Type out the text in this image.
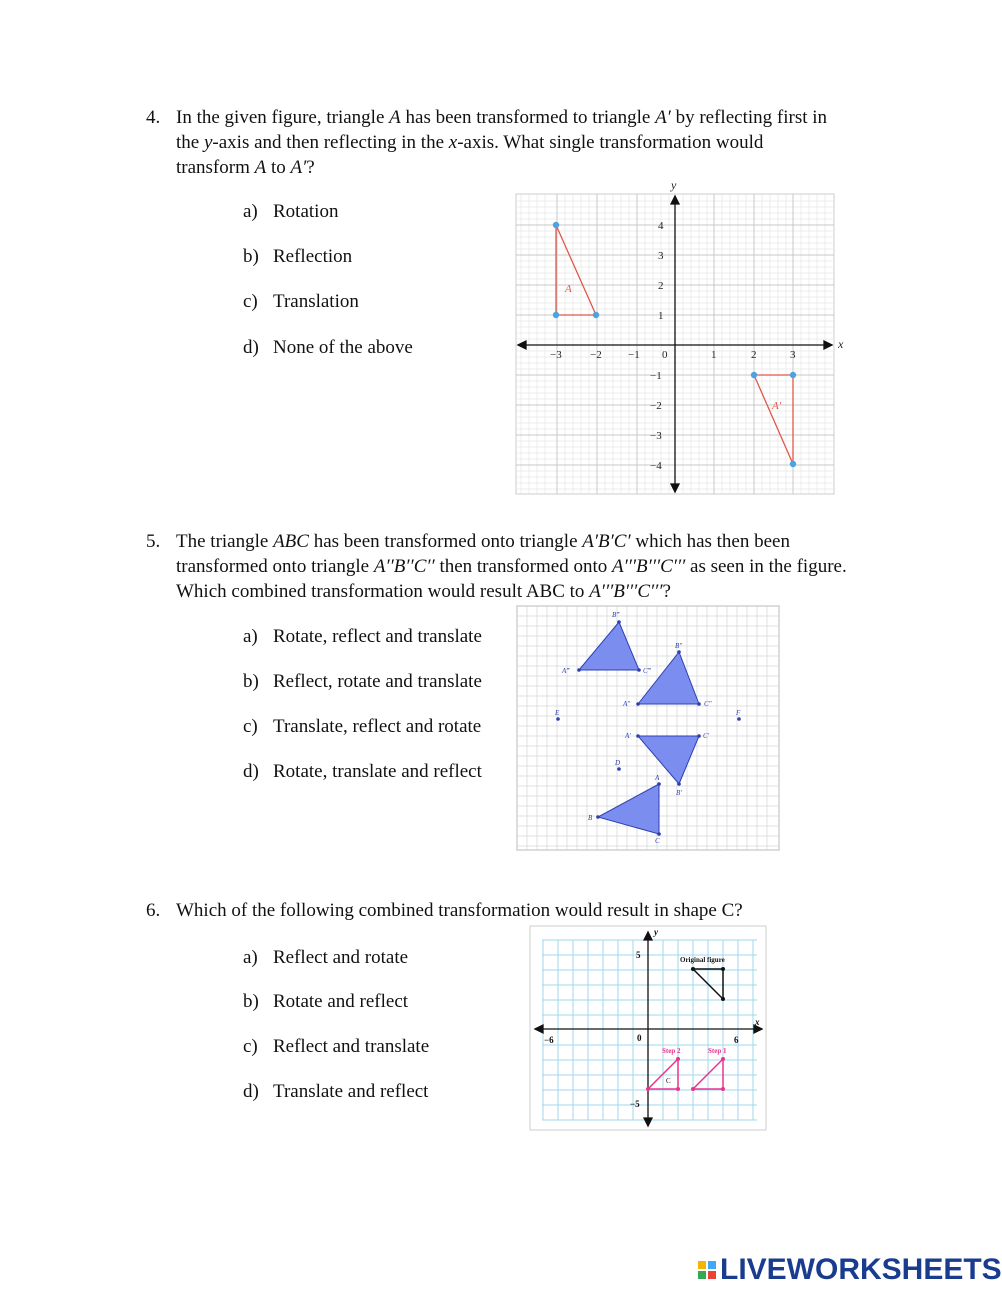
4. In the given figure, triangle A has been transformed to triangle A′ by reflecting first in
the y-axis and then reflecting in the x-axis. What single transformation would
transform A to A′?
a) Rotation
b) Reflection
c) Translation
d) None of the above	−3	−2 −1 0	1	2	3
4
3
2
1
−1
−2
−3
−4
x
y
A
A′
5. The triangle ABC has been transformed onto triangle A′B′C′ which has then been
transformed onto triangle A′′B′′C′′ then transformed onto A′′′B′′′C′′′ as seen in the figure.
Which combined transformation would result ABC to A′′′B′′′C′′′?
a) Rotate, reflect and translate
b) Reflect, rotate and translate
c) Translate, reflect and rotate
d) Rotate, translate and reflect
B‴
A‴	C‴
B″
A″	C″
A′	C′
B′
A
B
C
D
E	F
6. Which of the following combined transformation would result in shape C?
a) Reflect and rotate
b) Rotate and reflect
c) Reflect and translate
d) Translate and reflect
y
x
5
−5
−6	6
0
Original figure
Step 1
Step 2
C
LIVEWORKSHEETS
